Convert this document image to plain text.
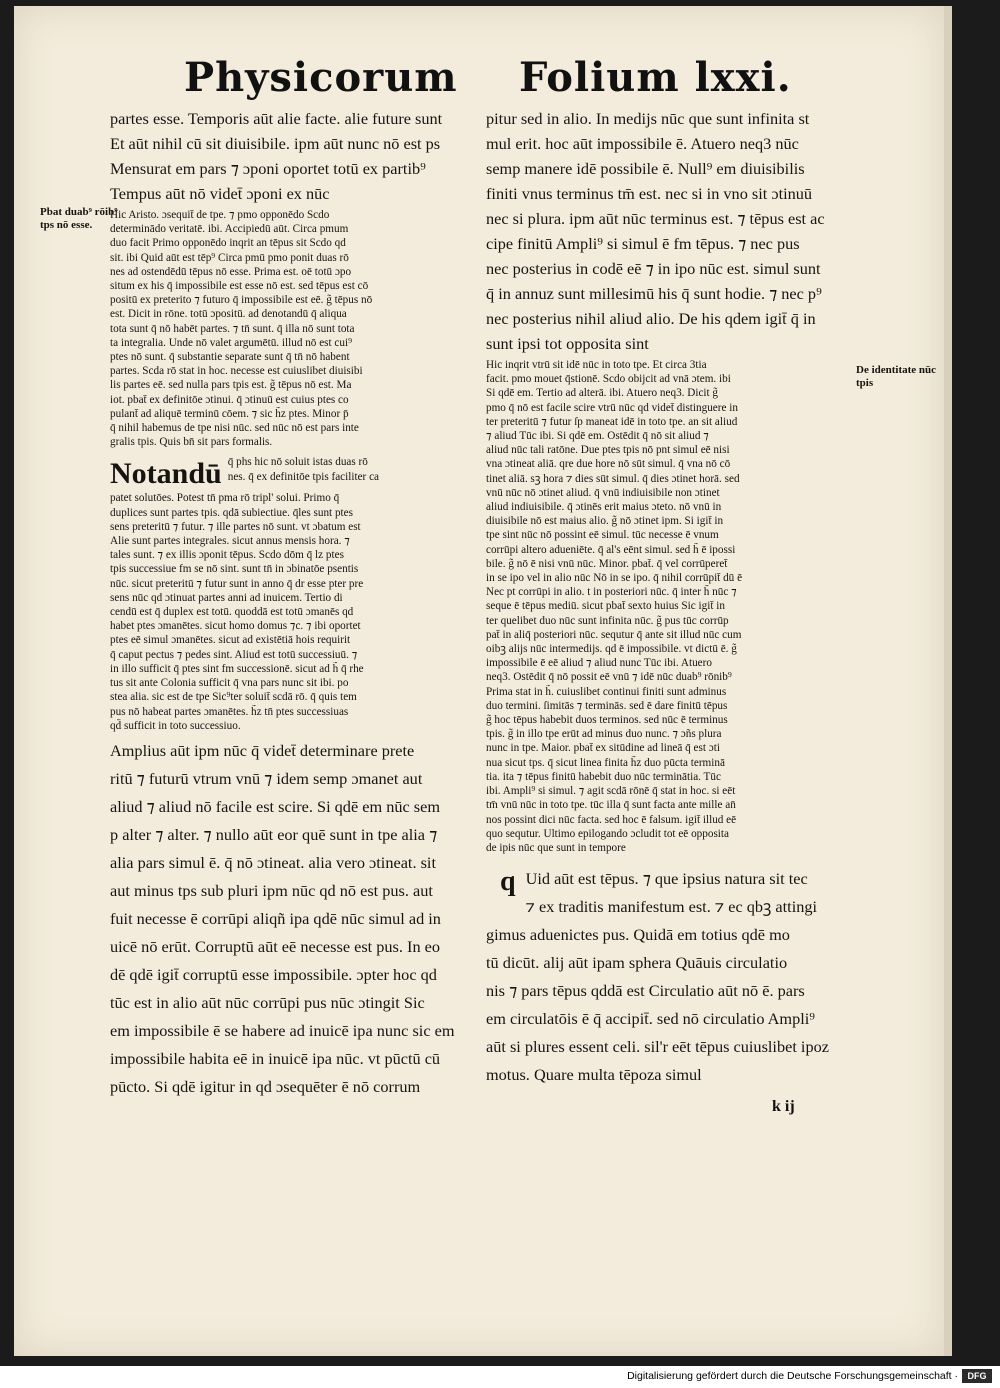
Physicorum Folium lxxi.
Pbat duab⁹ rōib⁹ tps nō esse.
De identitate nūc tpis
partes esse. Temporis aūt alie facte. alie future sunt
Et aūt nihil cū sit diuisibile. ipm aūt nunc nō est ps
Mensurat em pars ⁊ ɔponi oportet totū ex partib⁹
Tempus aūt nō videt̄ ɔponi ex nūc
Hic Aristo. ɔsequit̄ de tpe. ⁊ pmo opponēdo Scdo
determinādo veritatē. ibi. Accipiedū aūt. Circa pmum
duo facit Primo opponēdo inqrit an tēpus sit Scdo qd
sit. ibi Quid aūt est tēp⁹ Circa pmū pmo ponit duas rō
nes ad ostendēdū tēpus nō esse. Prima est. oē totū ɔpo
situm ex his q̄ impossibile est esse nō est. sed tēpus est cō
positū ex preterito ⁊ futuro q̄ impossibile est eē. g̃ tēpus nō
est. Dicit in rōne. totū ɔpositū. ad denotandū q̄ aliqua
tota sunt q̄ nō habēt partes. ⁊ tn̄ sunt. q̄ illa nō sunt tota
ta integralia. Unde nō valet argumētū. illud nō est cui⁹
ptes nō sunt. q̄ substantie separate sunt q̄ tn̄ nō habent
partes. Scda rō stat in hoc. necesse est cuiuslibet diuisibi
lis partes eē. sed nulla pars tpis est. g̃ tēpus nō est. Ma
iot. pbat̄ ex definitōe ɔtinui. q̄ ɔtinuū est cuius ptes co
pulant̄ ad aliquē terminū cōem. ⁊ sic h̃z ptes. Minor p̄
q̄ nihil habemus de tpe nisi nūc. sed nūc nō est pars inte
gralis tpis. Quis bn̄ sit pars formalis.
Notandū q̄ phs hic nō soluit istas duas rō
nes. q̄ ex definitōe tpis faciliter ca
patet solutōes. Potest tn̄ pma rō tripl' solui. Primo q̄
duplices sunt partes tpis. qdā subiectiue. q̄les sunt ptes
sens preteritū ⁊ futur. ⁊ ille partes nō sunt. vt ɔbatum est
Alie sunt partes integrales. sicut annus mensis hora. ⁊
tales sunt. ⁊ ex illis ɔponit tēpus. Scdo dōm q̄ lz ptes
tpis successiue fm se nō sint. sunt tn̄ in ɔbinatōe psentis
nūc. sicut preteritū ⁊ futur sunt in anno q̄ dr esse pter pre
sens nūc qd ɔtinuat partes anni ad inuicem. Tertio di
cendū est q̄ duplex est totū. quoddā est totū ɔmanēs qd
habet ptes ɔmanētes. sicut homo domus ⁊c. ⁊ ibi oportet
ptes eē simul ɔmanētes. sicut ad existētiā hois requirit
q̄ caput pectus ⁊ pedes sint. Aliud est totū successiuū. ⁊
in illo sufficit q̄ ptes sint fm successionē. sicut ad h̃ q̄ rhe
tus sit ante Colonia sufficit q̄ vna pars nunc sit ibi. po
stea alia. sic est de tpe Sic⁹ter soluit̄ scdā rō. q̄ quis tem
pus nō habeat partes ɔmanētes. h̃z tn̄ ptes successiuas
qd̄ sufficit in toto successiuo.
Amplius aūt ipm nūc q̄ videt̄ determinare prete
ritū ⁊ futurū vtrum vnū ⁊ idem semp ɔmanet aut
aliud ⁊ aliud nō facile est scire. Si qdē em nūc sem
p alter ⁊ alter. ⁊ nullo aūt eor quē sunt in tpe alia ⁊
alia pars simul ē. q̄ nō ɔtineat. alia vero ɔtineat. sit
aut minus tps sub pluri ipm nūc qd nō est pus. aut
fuit necesse ē corrūpi aliqñ ipa qdē nūc simul ad in
uicē nō erūt. Corruptū aūt eē necesse est pus. In eo
dē qdē igit̄ corruptū esse impossibile. ɔpter hoc qd
tūc est in alio aūt nūc corrūpi pus nūc ɔtingit Sic
em impossibile ē se habere ad inuicē ipa nunc sic em
impossibile habita eē in inuicē ipa nūc. vt pūctū cū
pūcto. Si qdē igitur in qd ɔsequēter ē nō corrum
pitur sed in alio. In medijs nūc que sunt infinita st
mul erit. hoc aūt impossibile ē. Atuero neq3 nūc
semp manere idē possibile ē. Null⁹ em diuisibilis
finiti vnus terminus tm̄ est. nec si in vno sit ɔtinuū
nec si plura. ipm aūt nūc terminus est. ⁊ tēpus est ac
cipe finitū Ampli⁹ si simul ē fm tēpus. ⁊ nec pus
nec posterius in codē eē ⁊ in ipo nūc est. simul sunt
q̄ in annuz sunt millesimū his q̄ sunt hodie. ⁊ nec p⁹
nec posterius nihil aliud alio. De his qdem igit̄ q̄ in
sunt ipsi tot opposita sint
Hic inqrit vtrū sit idē nūc in toto tpe. Et circa 3tia
facit. pmo mouet q̄stionē. Scdo obijcit ad vnā ɔtem. ibi
Si qdē em. Tertio ad alterā. ibi. Atuero neq3. Dicit g̃
pmo q̄ nō est facile scire vtrū nūc qd videt̄ distinguere in
ter preteritū ⁊ futur ſp maneat idē in toto tpe. an sit aliud
⁊ aliud Tūc ibi. Si qdē em. Ostēdit q̄ nō sit aliud ⁊
aliud nūc tali ratōne. Due ptes tpis nō pnt simul eē nisi
vna ɔtineat aliā. qre due hore nō sūt simul. q̄ vna nō cō
tinet aliā. sꝫ hora ⁊ dies sūt simul. q̄ dies ɔtinet horā. sed
vnū nūc nō ɔtinet aliud. q̄ vnū indiuisibile non ɔtinet
aliud indiuisibile. q̄ ɔtinēs erit maius ɔteto. nō vnū in
diuisibile nō est maius alio. g̃ nō ɔtinet ipm. Si igit̄ in
tpe sint nūc nō possint eē simul. tūc necesse ē vnum
corrūpi altero adueniēte. q̄ al's eēnt simul. sed h̃ ē ipossi
bile. g̃ nō ē nisi vnū nūc. Minor. pbat̄. q̄ vel corrūperet̄
in se ipo vel in alio nūc Nō in se ipo. q̄ nihil corrūpit̄ dū ē
Nec pt corrūpi in alio. t in posteriori nūc. q̄ inter h̃ nūc ⁊
seque ē tēpus mediū. sicut pbat̄ sexto huius Sic igit̄ in
ter quelibet duo nūc sunt infinita nūc. g̃ pus tūc corrūp
pat̄ in aliq̄ posteriori nūc. sequtur q̄ ante sit illud nūc cum
oibꝫ alijs nūc intermedijs. qd ē impossibile. vt dictū ē. g̃
impossibile ē eē aliud ⁊ aliud nunc Tūc ibi. Atuero
neq3. Ostēdit q̄ nō possit eē vnū ⁊ idē nūc duab⁹ rōnib⁹
Prima stat in h̃. cuiuslibet continui finiti sunt adminus
duo termini. ſimitās ⁊ terminās. sed ē dare finitū tēpus
g̃ hoc tēpus habebit duos terminos. sed nūc ē terminus
tpis. g̃ in illo tpe erūt ad minus duo nunc. ⁊ ɔñs plura
nunc in tpe. Maior. pbat̄ ex sitūdine ad lineā q̄ est ɔti
nua sicut tps. q̄ sicut linea finita h̃z duo pūcta terminā
tia. ita ⁊ tēpus finitū habebit duo nūc terminātia. Tūc
ibi. Ampli⁹ si simul. ⁊ agit scdā rōnē q̄ stat in hoc. si eēt
tm̄ vnū nūc in toto tpe. tūc illa q̄ sunt facta ante mille an̄
nos possint dici nūc facta. sed hoc ē falsum. igit̄ illud eē
quo sequtur. Ultimo epilogando ɔcludit tot eē opposita
de ipis nūc que sunt in tempore
q Uid aūt est tēpus. ⁊ que ipsius natura sit tec
⁊ ex traditis manifestum est. ⁊ ec qbꝫ attingi
gimus aduenictes pus. Quidā em totius qdē mo
tū dicūt. alij aūt ipam sphera Quāuis circulatio
nis ⁊ pars tēpus qddā est Circulatio aūt nō ē. pars
em circulatōis ē q̄ accipit̄. sed nō circulatio Ampli⁹
aūt si plures essent celi. sil'r eēt tēpus cuiuslibet ipoz
motus. Quare multa tēpoza simul
k ij
Digitalisierung gefördert durch die Deutsche Forschungsgemeinschaft ·	DFG
